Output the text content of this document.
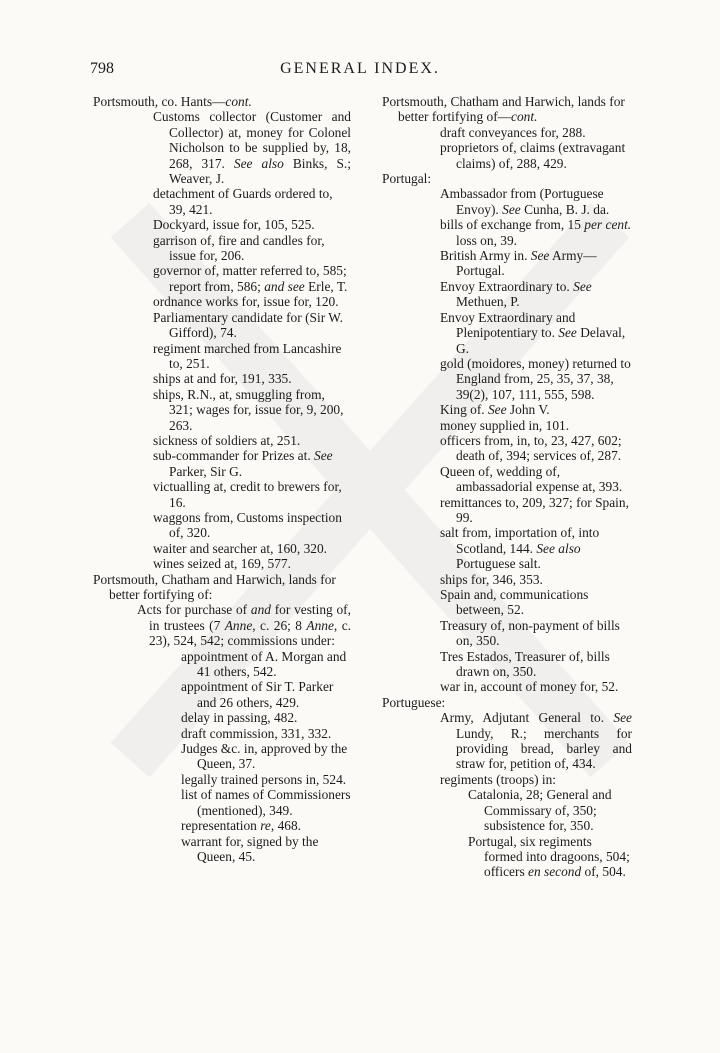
798	GENERAL INDEX.

Portsmouth, co. Hants—cont.

Customs collector (Customer and Collector) at, money for Colonel Nicholson to be supplied by, 18, 268, 317. See also Binks, S.; Weaver, J.

detachment of Guards ordered to, 39, 421.

Dockyard, issue for, 105, 525.

garrison of, fire and candles for, issue for, 206.

governor of, matter referred to, 585; report from, 586; and see Erle, T.

ordnance works for, issue for, 120.

Parliamentary candidate for (Sir W. Gifford), 74.

regiment marched from Lancashire to, 251.

ships at and for, 191, 335.

ships, R.N., at, smuggling from, 321; wages for, issue for, 9, 200, 263.

sickness of soldiers at, 251.

sub-commander for Prizes at. See Parker, Sir G.

victualling at, credit to brewers for, 16.

waggons from, Customs inspection of, 320.

waiter and searcher at, 160, 320.

wines seized at, 169, 577.

Portsmouth, Chatham and Harwich, lands for better fortifying of:

Acts for purchase of and for vesting of, in trustees (7 Anne, c. 26; 8 Anne, c. 23), 524, 542; commissions under:

appointment of A. Morgan and 41 others, 542.

appointment of Sir T. Parker and 26 others, 429.

delay in passing, 482.

draft commission, 331, 332.

Judges &c. in, approved by the Queen, 37.

legally trained persons in, 524.

list of names of Commissioners (mentioned), 349.

representation re, 468.

warrant for, signed by the Queen, 45.

Portsmouth, Chatham and Harwich, lands for better fortifying of—cont.

draft conveyances for, 288.

proprietors of, claims (extravagant claims) of, 288, 429.

Portugal:

Ambassador from (Portuguese Envoy). See Cunha, B. J. da.

bills of exchange from, 15 per cent. loss on, 39.

British Army in. See Army—Portugal.

Envoy Extraordinary to. See Methuen, P.

Envoy Extraordinary and Plenipotentiary to. See Delaval, G.

gold (moidores, money) returned to England from, 25, 35, 37, 38, 39(2), 107, 111, 555, 598.

King of. See John V.

money supplied in, 101.

officers from, in, to, 23, 427, 602; death of, 394; services of, 287.

Queen of, wedding of, ambassadorial expense at, 393.

remittances to, 209, 327; for Spain, 99.

salt from, importation of, into Scotland, 144. See also Portuguese salt.

ships for, 346, 353.

Spain and, communications between, 52.

Treasury of, non-payment of bills on, 350.

Tres Estados, Treasurer of, bills drawn on, 350.

war in, account of money for, 52.

Portuguese:

Army, Adjutant General to. See Lundy, R.; merchants for providing bread, barley and straw for, petition of, 434.

regiments (troops) in:

Catalonia, 28; General and Commissary of, 350; subsistence for, 350.

Portugal, six regiments formed into dragoons, 504; officers en second of, 504.
